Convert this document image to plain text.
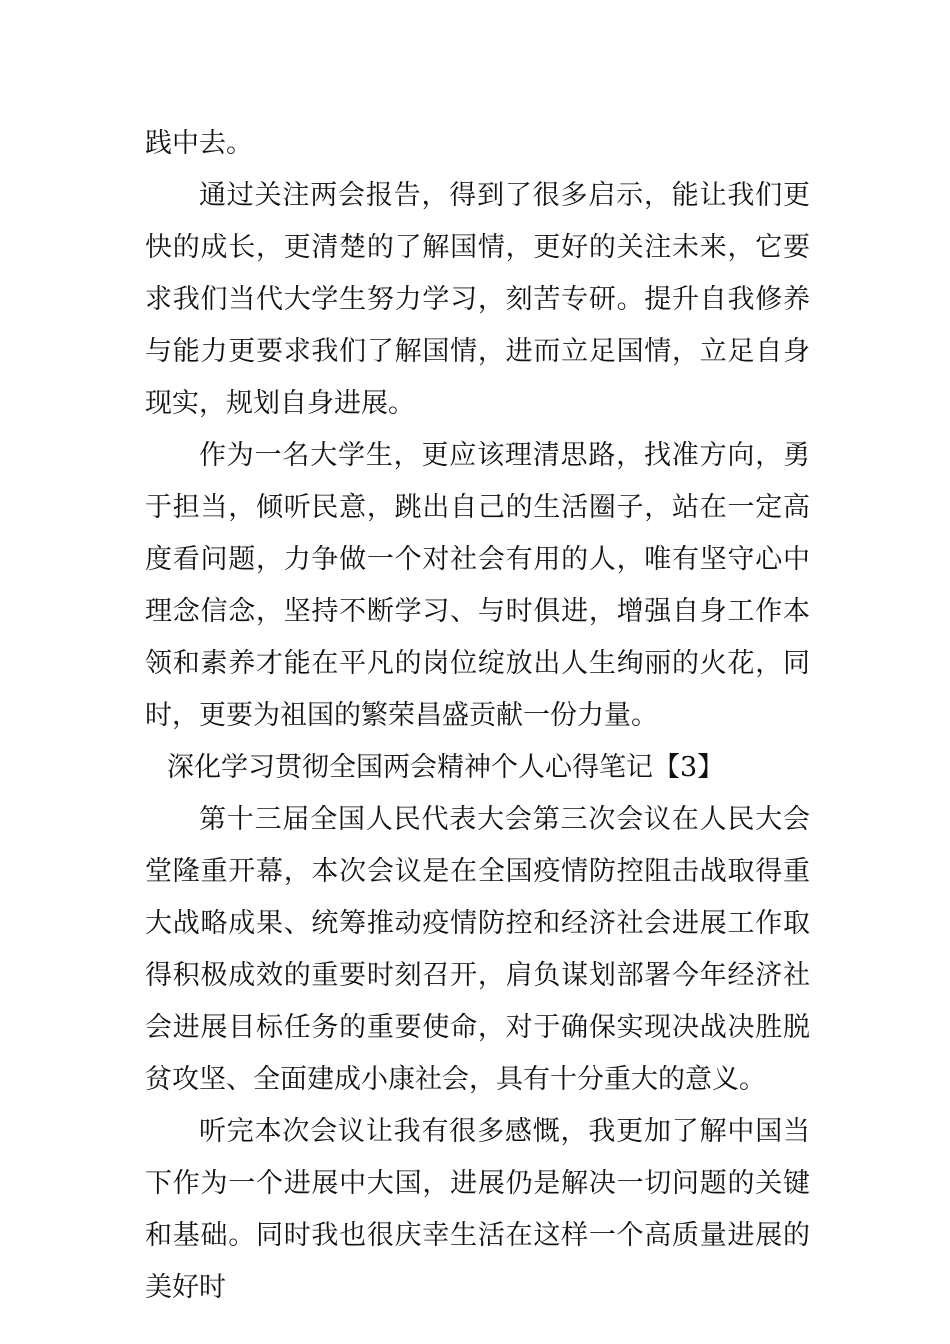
践中去。

通过关注两会报告，得到了很多启示，能让我们更快的成长，更清楚的了解国情，更好的关注未来，它要求我们当代大学生努力学习，刻苦专研。提升自我修养与能力更要求我们了解国情，进而立足国情，立足自身现实，规划自身进展。

作为一名大学生，更应该理清思路，找准方向，勇于担当，倾听民意，跳出自己的生活圈子，站在一定高度看问题，力争做一个对社会有用的人，唯有坚守心中理念信念，坚持不断学习、与时俱进，增强自身工作本领和素养才能在平凡的岗位绽放出人生绚丽的火花，同时，更要为祖国的繁荣昌盛贡献一份力量。

深化学习贯彻全国两会精神个人心得笔记【3】

第十三届全国人民代表大会第三次会议在人民大会堂隆重开幕，本次会议是在全国疫情防控阻击战取得重大战略成果、统筹推动疫情防控和经济社会进展工作取得积极成效的重要时刻召开，肩负谋划部署今年经济社会进展目标任务的重要使命，对于确保实现决战决胜脱贫攻坚、全面建成小康社会，具有十分重大的意义。

听完本次会议让我有很多感慨，我更加了解中国当下作为一个进展中大国，进展仍是解决一切问题的关键和基础。同时我也很庆幸生活在这样一个高质量进展的美好时
